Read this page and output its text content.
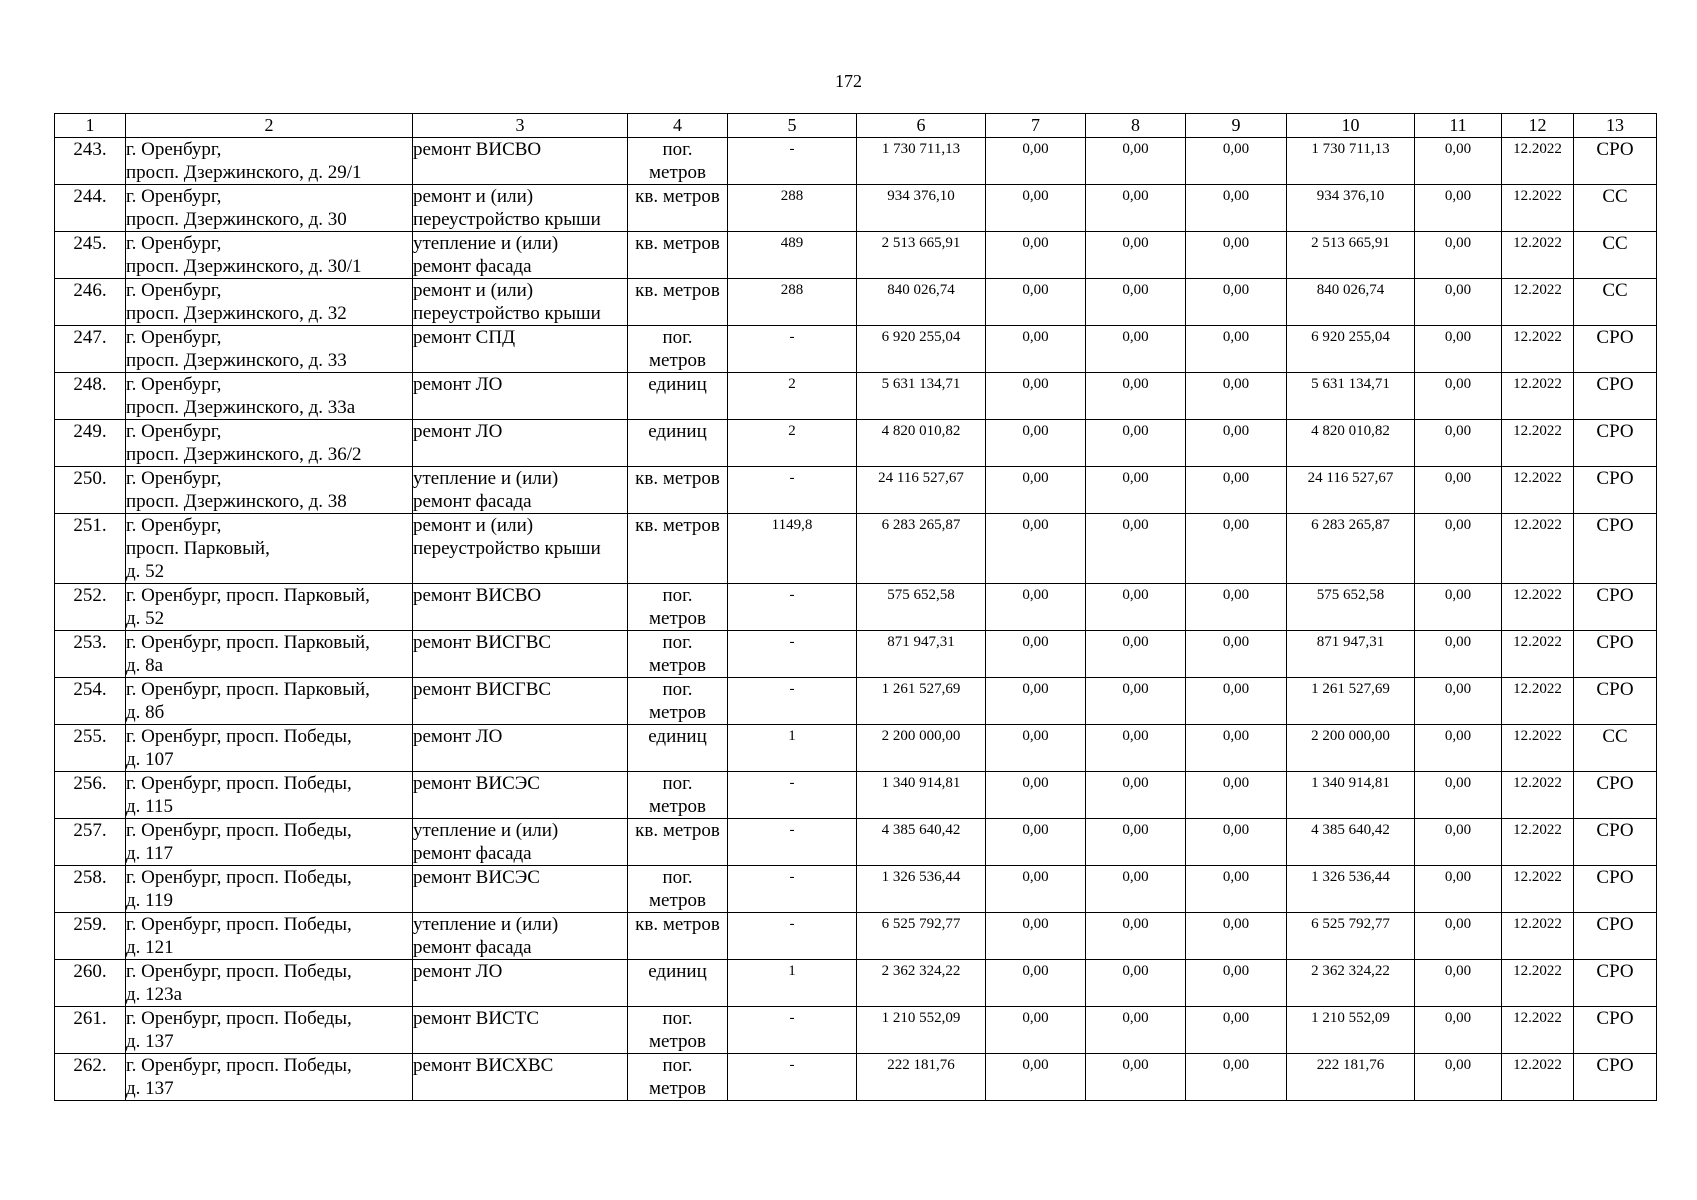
172
1	2	3	4	5	6	7	8	9	10	11	12	13
243.	г. Оренбург,
просп. Дзержинского, д. 29/1	ремонт ВИСВО	пог.
метров	-	1 730 711,13	0,00	0,00	0,00	1 730 711,13	0,00	12.2022	СРО
244.	г. Оренбург,
просп. Дзержинского, д. 30	ремонт и (или)
переустройство крыши	кв. метров	288	934 376,10	0,00	0,00	0,00	934 376,10	0,00	12.2022	СС
245.	г. Оренбург,
просп. Дзержинского, д. 30/1	утепление и (или)
ремонт фасада	кв. метров	489	2 513 665,91	0,00	0,00	0,00	2 513 665,91	0,00	12.2022	СС
246.	г. Оренбург,
просп. Дзержинского, д. 32	ремонт и (или)
переустройство крыши	кв. метров	288	840 026,74	0,00	0,00	0,00	840 026,74	0,00	12.2022	СС
247.	г. Оренбург,
просп. Дзержинского, д. 33	ремонт СПД	пог.
метров	-	6 920 255,04	0,00	0,00	0,00	6 920 255,04	0,00	12.2022	СРО
248.	г. Оренбург,
просп. Дзержинского, д. 33а	ремонт ЛО	единиц	2	5 631 134,71	0,00	0,00	0,00	5 631 134,71	0,00	12.2022	СРО
249.	г. Оренбург,
просп. Дзержинского, д. 36/2	ремонт ЛО	единиц	2	4 820 010,82	0,00	0,00	0,00	4 820 010,82	0,00	12.2022	СРО
250.	г. Оренбург,
просп. Дзержинского, д. 38	утепление и (или)
ремонт фасада	кв. метров	-	24 116 527,67	0,00	0,00	0,00	24 116 527,67	0,00	12.2022	СРО
251.	г. Оренбург,
просп. Парковый,
д. 52	ремонт и (или)
переустройство крыши	кв. метров	1149,8	6 283 265,87	0,00	0,00	0,00	6 283 265,87	0,00	12.2022	СРО
252.	г. Оренбург, просп. Парковый,
д. 52	ремонт ВИСВО	пог.
метров	-	575 652,58	0,00	0,00	0,00	575 652,58	0,00	12.2022	СРО
253.	г. Оренбург, просп. Парковый,
д. 8а	ремонт ВИСГВС	пог.
метров	-	871 947,31	0,00	0,00	0,00	871 947,31	0,00	12.2022	СРО
254.	г. Оренбург, просп. Парковый,
д. 8б	ремонт ВИСГВС	пог.
метров	-	1 261 527,69	0,00	0,00	0,00	1 261 527,69	0,00	12.2022	СРО
255.	г. Оренбург, просп. Победы,
д. 107	ремонт ЛО	единиц	1	2 200 000,00	0,00	0,00	0,00	2 200 000,00	0,00	12.2022	СС
256.	г. Оренбург, просп. Победы,
д. 115	ремонт ВИСЭС	пог.
метров	-	1 340 914,81	0,00	0,00	0,00	1 340 914,81	0,00	12.2022	СРО
257.	г. Оренбург, просп. Победы,
д. 117	утепление и (или)
ремонт фасада	кв. метров	-	4 385 640,42	0,00	0,00	0,00	4 385 640,42	0,00	12.2022	СРО
258.	г. Оренбург, просп. Победы,
д. 119	ремонт ВИСЭС	пог.
метров	-	1 326 536,44	0,00	0,00	0,00	1 326 536,44	0,00	12.2022	СРО
259.	г. Оренбург, просп. Победы,
д. 121	утепление и (или)
ремонт фасада	кв. метров	-	6 525 792,77	0,00	0,00	0,00	6 525 792,77	0,00	12.2022	СРО
260.	г. Оренбург, просп. Победы,
д. 123а	ремонт ЛО	единиц	1	2 362 324,22	0,00	0,00	0,00	2 362 324,22	0,00	12.2022	СРО
261.	г. Оренбург, просп. Победы,
д. 137	ремонт ВИСТС	пог.
метров	-	1 210 552,09	0,00	0,00	0,00	1 210 552,09	0,00	12.2022	СРО
262.	г. Оренбург, просп. Победы,
д. 137	ремонт ВИСХВС	пог.
метров	-	222 181,76	0,00	0,00	0,00	222 181,76	0,00	12.2022	СРО
